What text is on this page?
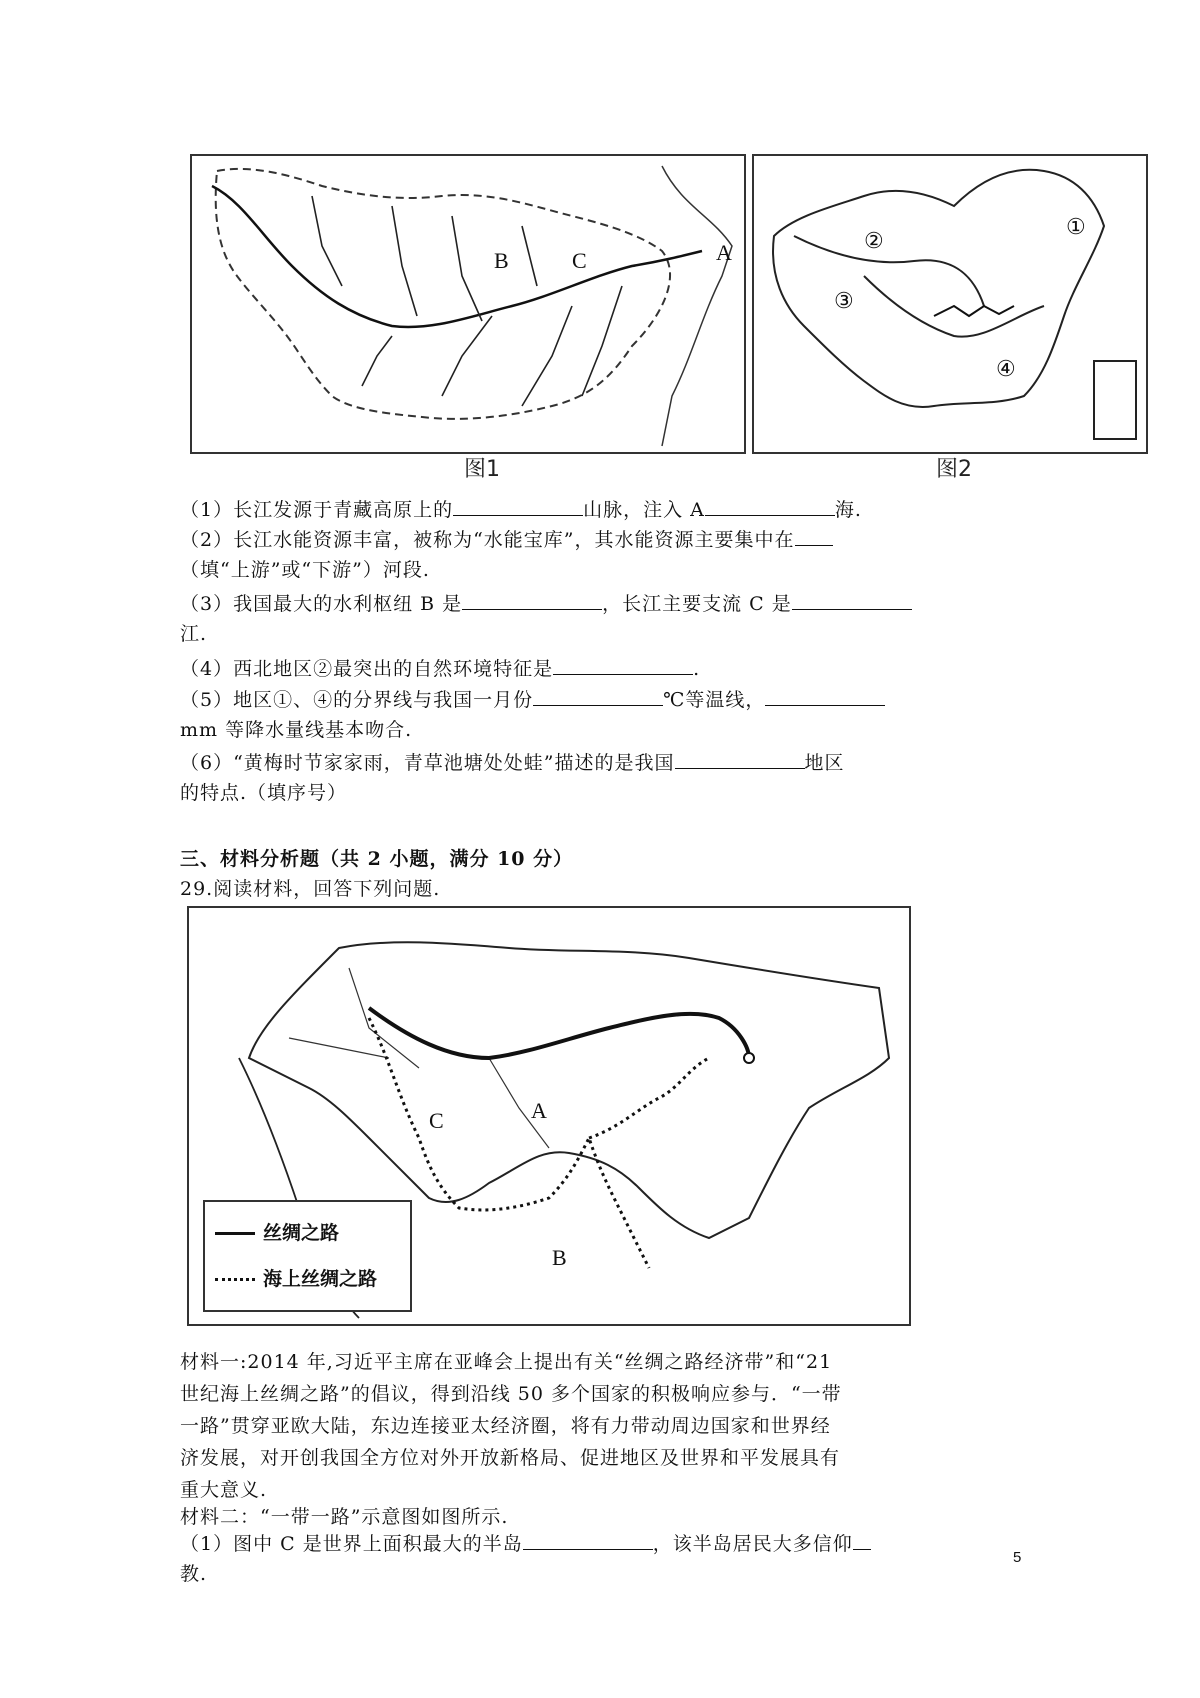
B	C	A
图1
①
②
③
④
图2
（1）长江发源于青藏高原上的	山脉，注入 A	海.
（2）长江水能资源丰富，被称为“水能宝库”，其水能资源主要集中在
（填“上游”或“下游”）河段.
（3）我国最大的水利枢纽 B 是	，长江主要支流 C 是
江.
（4）西北地区②最突出的自然环境特征是	.
（5）地区①、④的分界线与我国一月份	℃等温线，
mm 等降水量线基本吻合.
（6）“黄梅时节家家雨，青草池塘处处蛙”描述的是我国	地区
的特点.（填序号）
三、材料分析题（共 2 小题，满分 10 分）
29.阅读材料，回答下列问题.
C	A
B
丝绸之路
海上丝绸之路
材料一:2014 年,习近平主席在亚峰会上提出有关“丝绸之路经济带”和“21
世纪海上丝绸之路”的倡议，得到沿线 50 多个国家的积极响应参与．“一带
一路”贯穿亚欧大陆，东边连接亚太经济圈，将有力带动周边国家和世界经
济发展，对开创我国全方位对外开放新格局、促进地区及世界和平发展具有
重大意义.
材料二：“一带一路”示意图如图所示.
（1）图中 C 是世界上面积最大的半岛	，该半岛居民大多信仰
教.
5
